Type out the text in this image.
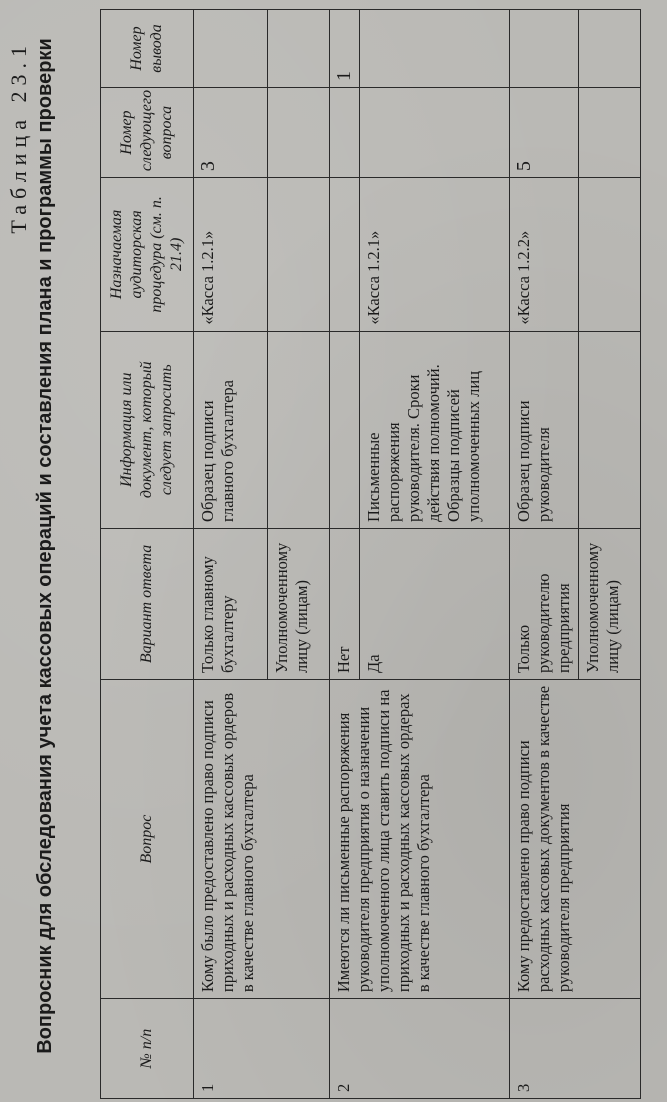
Таблица 23.1 Вопросник для обследования учета кассовых операций и составления плана и программы проверки	№ п/п	Вопрос	Вариант ответа	Информация или документ, который следует запросить	Назначаемая аудиторская процедура (см. п. 21.4)	Номер следующего вопроса	Номер вывода
1	Кому было предоставлено право подписи приходных и расходных кассовых ордеров в качестве главного бухгалтера	Только главному бухгалтеру	Образец подписи главного бухгалтера	«Касса 1.2.1»	3	
		Уполномоченному лицу (лицам)				
2	Имеются ли письменные распоряжения руководителя предприятия о назначении уполномоченного лица ставить подписи на приходных и расходных кассовых ордерах в качестве главного бухгалтера	Нет				1
		Да	Письменные распоряжения руководителя. Сроки действия полномочий. Образцы подписей уполномоченных лиц	«Касса 1.2.1»		
3	Кому предоставлено право подписи расходных кассовых документов в качестве руководителя предприятия	Только руководителю предприятия	Образец подписи руководителя	«Касса 1.2.2»	5	
		Уполномоченному лицу (лицам)				
